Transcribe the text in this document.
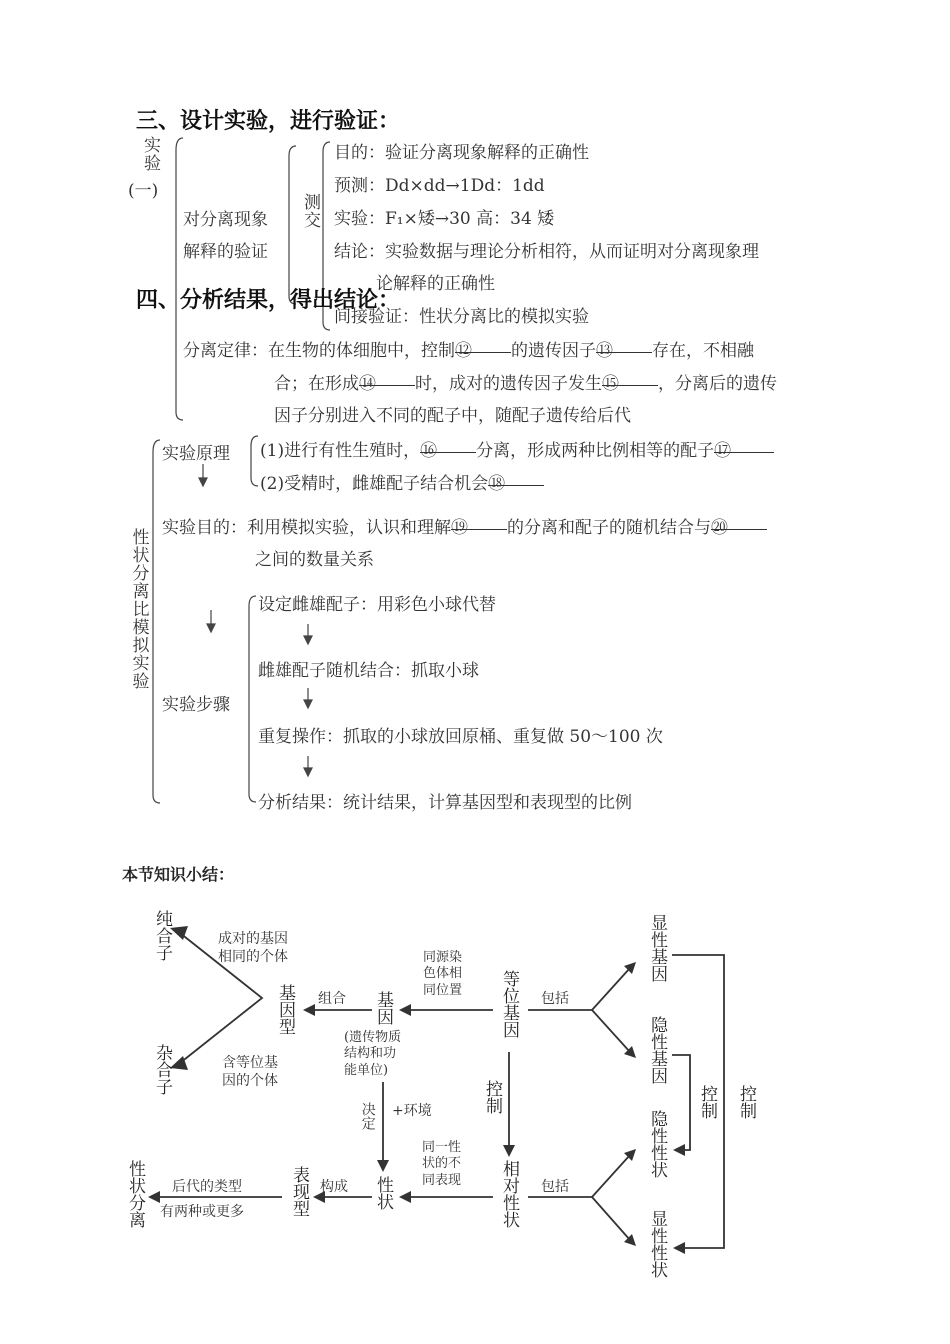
三、设计实验，进行验证：
实验
(一)
对分离现象
解释的验证
测交
目的：验证分离现象解释的正确性
预测：Dd×dd→1Dd：1dd
实验：F₁×矮→30 高：34 矮
结论：实验数据与理论分析相符，从而证明对分离现象理
论解释的正确性
间接验证：性状分离比的模拟实验
四、分析结果，得出结论：
分离定律：在生物的体细胞中，控制⑫ 的遗传因子⑬ 存在，不相融
合；在形成⑭ 时，成对的遗传因子发生⑮ ，分离后的遗传
因子分别进入不同的配子中，随配子遗传给后代
性状分离比模拟实验
实验原理 (1)进行有性生殖时，⑯ 分离，形成两种比例相等的配子⑰
(2)受精时，雌雄配子结合机会⑱
实验目的：利用模拟实验，认识和理解⑲ 的分离和配子的随机结合与⑳
之间的数量关系
实验步骤
设定雌雄配子：用彩色小球代替
雌雄配子随机结合：抓取小球
重复操作：抓取的小球放回原桶、重复做 50～100 次
分析结果：统计结果，计算基因型和表现型的比例
本节知识小结：
纯合子	成对的基因
相同的个体
基因型 组合 基因
(遗传物质
结构和功
能单位)
同源染
色体相
同位置 等位基因 包括
显性基因
隐性基因
杂合子	含等位基
因的个体
决定 +环境	控制	控制 控制
隐性性状
显性性状
同一性
状的不
同表现 相对性状 包括
性状
构成
表现型
后代的类型
有两种或更多
性状分离
